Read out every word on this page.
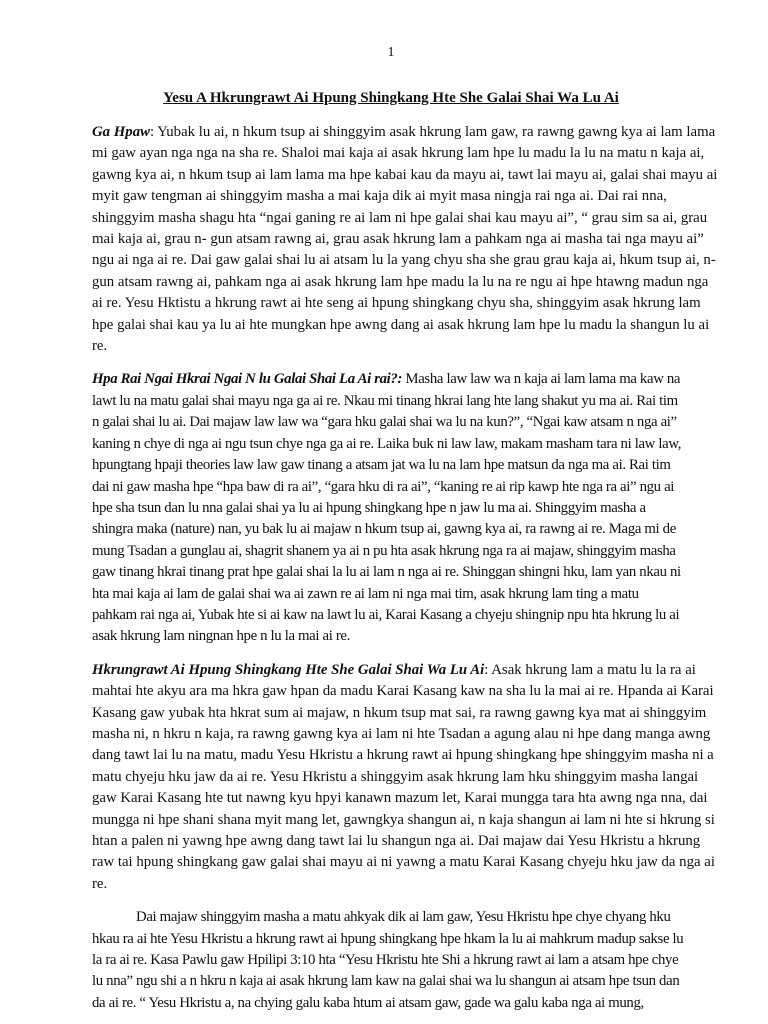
1
Yesu A Hkrungrawt Ai Hpung Shingkang Hte She Galai Shai Wa Lu Ai
Ga Hpaw: Yubak lu ai, n hkum tsup ai shinggyim asak hkrung lam gaw, ra rawng gawng kya ai lam lama
mi gaw ayan nga nga na sha re. Shaloi mai kaja ai asak hkrung lam hpe lu madu la lu na matu n kaja ai,
gawng kya ai, n hkum tsup ai lam lama ma hpe kabai kau da mayu ai, tawt lai mayu ai, galai shai mayu ai
myit gaw tengman ai shinggyim masha a mai kaja dik ai myit masa ningja rai nga ai. Dai rai nna,
shinggyim masha shagu hta “ngai ganing re ai lam ni hpe galai shai kau mayu ai”, “ grau sim sa ai, grau
mai kaja ai, grau n- gun atsam rawng ai, grau asak hkrung lam a pahkam nga ai masha tai nga mayu ai”
ngu ai nga ai re. Dai gaw galai shai lu ai atsam lu la yang chyu sha she grau grau kaja ai, hkum tsup ai, n-
gun atsam rawng ai, pahkam nga ai asak hkrung lam hpe madu la lu na re ngu ai hpe htawng madun nga
ai re. Yesu Hktistu a hkrung rawt ai hte seng ai hpung shingkang chyu sha, shinggyim asak hkrung lam
hpe galai shai kau ya lu ai hte mungkan hpe awng dang ai asak hkrung lam hpe lu madu la shangun lu ai
re.
Hpa Rai Ngai Hkrai Ngai N lu Galai Shai La Ai rai?: Masha law law wa n kaja ai lam lama ma kaw na
lawt lu na matu galai shai mayu nga ga ai re. Nkau mi tinang hkrai lang hte lang shakut yu ma ai. Rai tim
n galai shai lu ai. Dai majaw law law wa “gara hku galai shai wa lu na kun?”, “Ngai kaw atsam n nga ai”
kaning n chye di nga ai ngu tsun chye nga ga ai re. Laika buk ni law law, makam masham tara ni law law,
hpungtang hpaji theories law law gaw tinang a atsam jat wa lu na lam hpe matsun da nga ma ai. Rai tim
dai ni gaw masha hpe “hpa baw di ra ai”, “gara hku di ra ai”, “kaning re ai rip kawp hte nga ra ai” ngu ai
hpe sha tsun dan lu nna galai shai ya lu ai hpung shingkang hpe n jaw lu ma ai. Shinggyim masha a
shingra maka (nature) nan, yu bak lu ai majaw n hkum tsup ai, gawng kya ai, ra rawng ai re. Maga mi de
mung Tsadan a gunglau ai, shagrit shanem ya ai n pu hta asak hkrung nga ra ai majaw, shinggyim masha
gaw tinang hkrai tinang prat hpe galai shai la lu ai lam n nga ai re. Shinggan shingni hku, lam yan nkau ni
hta mai kaja ai lam de galai shai wa ai zawn re ai lam ni nga mai tim, asak hkrung lam ting a matu
pahkam rai nga ai, Yubak hte si ai kaw na lawt lu ai, Karai Kasang a chyeju shingnip npu hta hkrung lu ai
asak hkrung lam ningnan hpe n lu la mai ai re.
Hkrungrawt Ai Hpung Shingkang Hte She Galai Shai Wa Lu Ai: Asak hkrung lam a matu lu la ra ai
mahtai hte akyu ara ma hkra gaw hpan da madu Karai Kasang kaw na sha lu la mai ai re. Hpanda ai Karai
Kasang gaw yubak hta hkrat sum ai majaw, n hkum tsup mat sai, ra rawng gawng kya mat ai shinggyim
masha ni, n hkru n kaja, ra rawng gawng kya ai lam ni hte Tsadan a agung alau ni hpe dang manga awng
dang tawt lai lu na matu, madu Yesu Hkristu a hkrung rawt ai hpung shingkang hpe shinggyim masha ni a
matu chyeju hku jaw da ai re. Yesu Hkristu a shinggyim asak hkrung lam hku shinggyim masha langai
gaw Karai Kasang hte tut nawng kyu hpyi kanawn mazum let, Karai mungga tara hta awng nga nna, dai
mungga ni hpe shani shana myit mang let, gawngkya shangun ai, n kaja shangun ai lam ni hte si hkrung si
htan a palen ni yawng hpe awng dang tawt lai lu shangun nga ai. Dai majaw dai Yesu Hkristu a hkrung
raw tai hpung shingkang gaw galai shai mayu ai ni yawng a matu Karai Kasang chyeju hku jaw da nga ai
re.
Dai majaw shinggyim masha a matu ahkyak dik ai lam gaw, Yesu Hkristu hpe chye chyang hku
hkau ra ai hte Yesu Hkristu a hkrung rawt ai hpung shingkang hpe hkam la lu ai mahkrum madup sakse lu
la ra ai re. Kasa Pawlu gaw Hpilipi 3:10 hta “Yesu Hkristu hte Shi a hkrung rawt ai lam a atsam hpe chye
lu nna” ngu shi a n hkru n kaja ai asak hkrung lam kaw na galai shai wa lu shangun ai atsam hpe tsun dan
da ai re. “ Yesu Hkristu a, na chying galu kaba htum ai atsam gaw, gade wa galu kaba nga ai mung,
